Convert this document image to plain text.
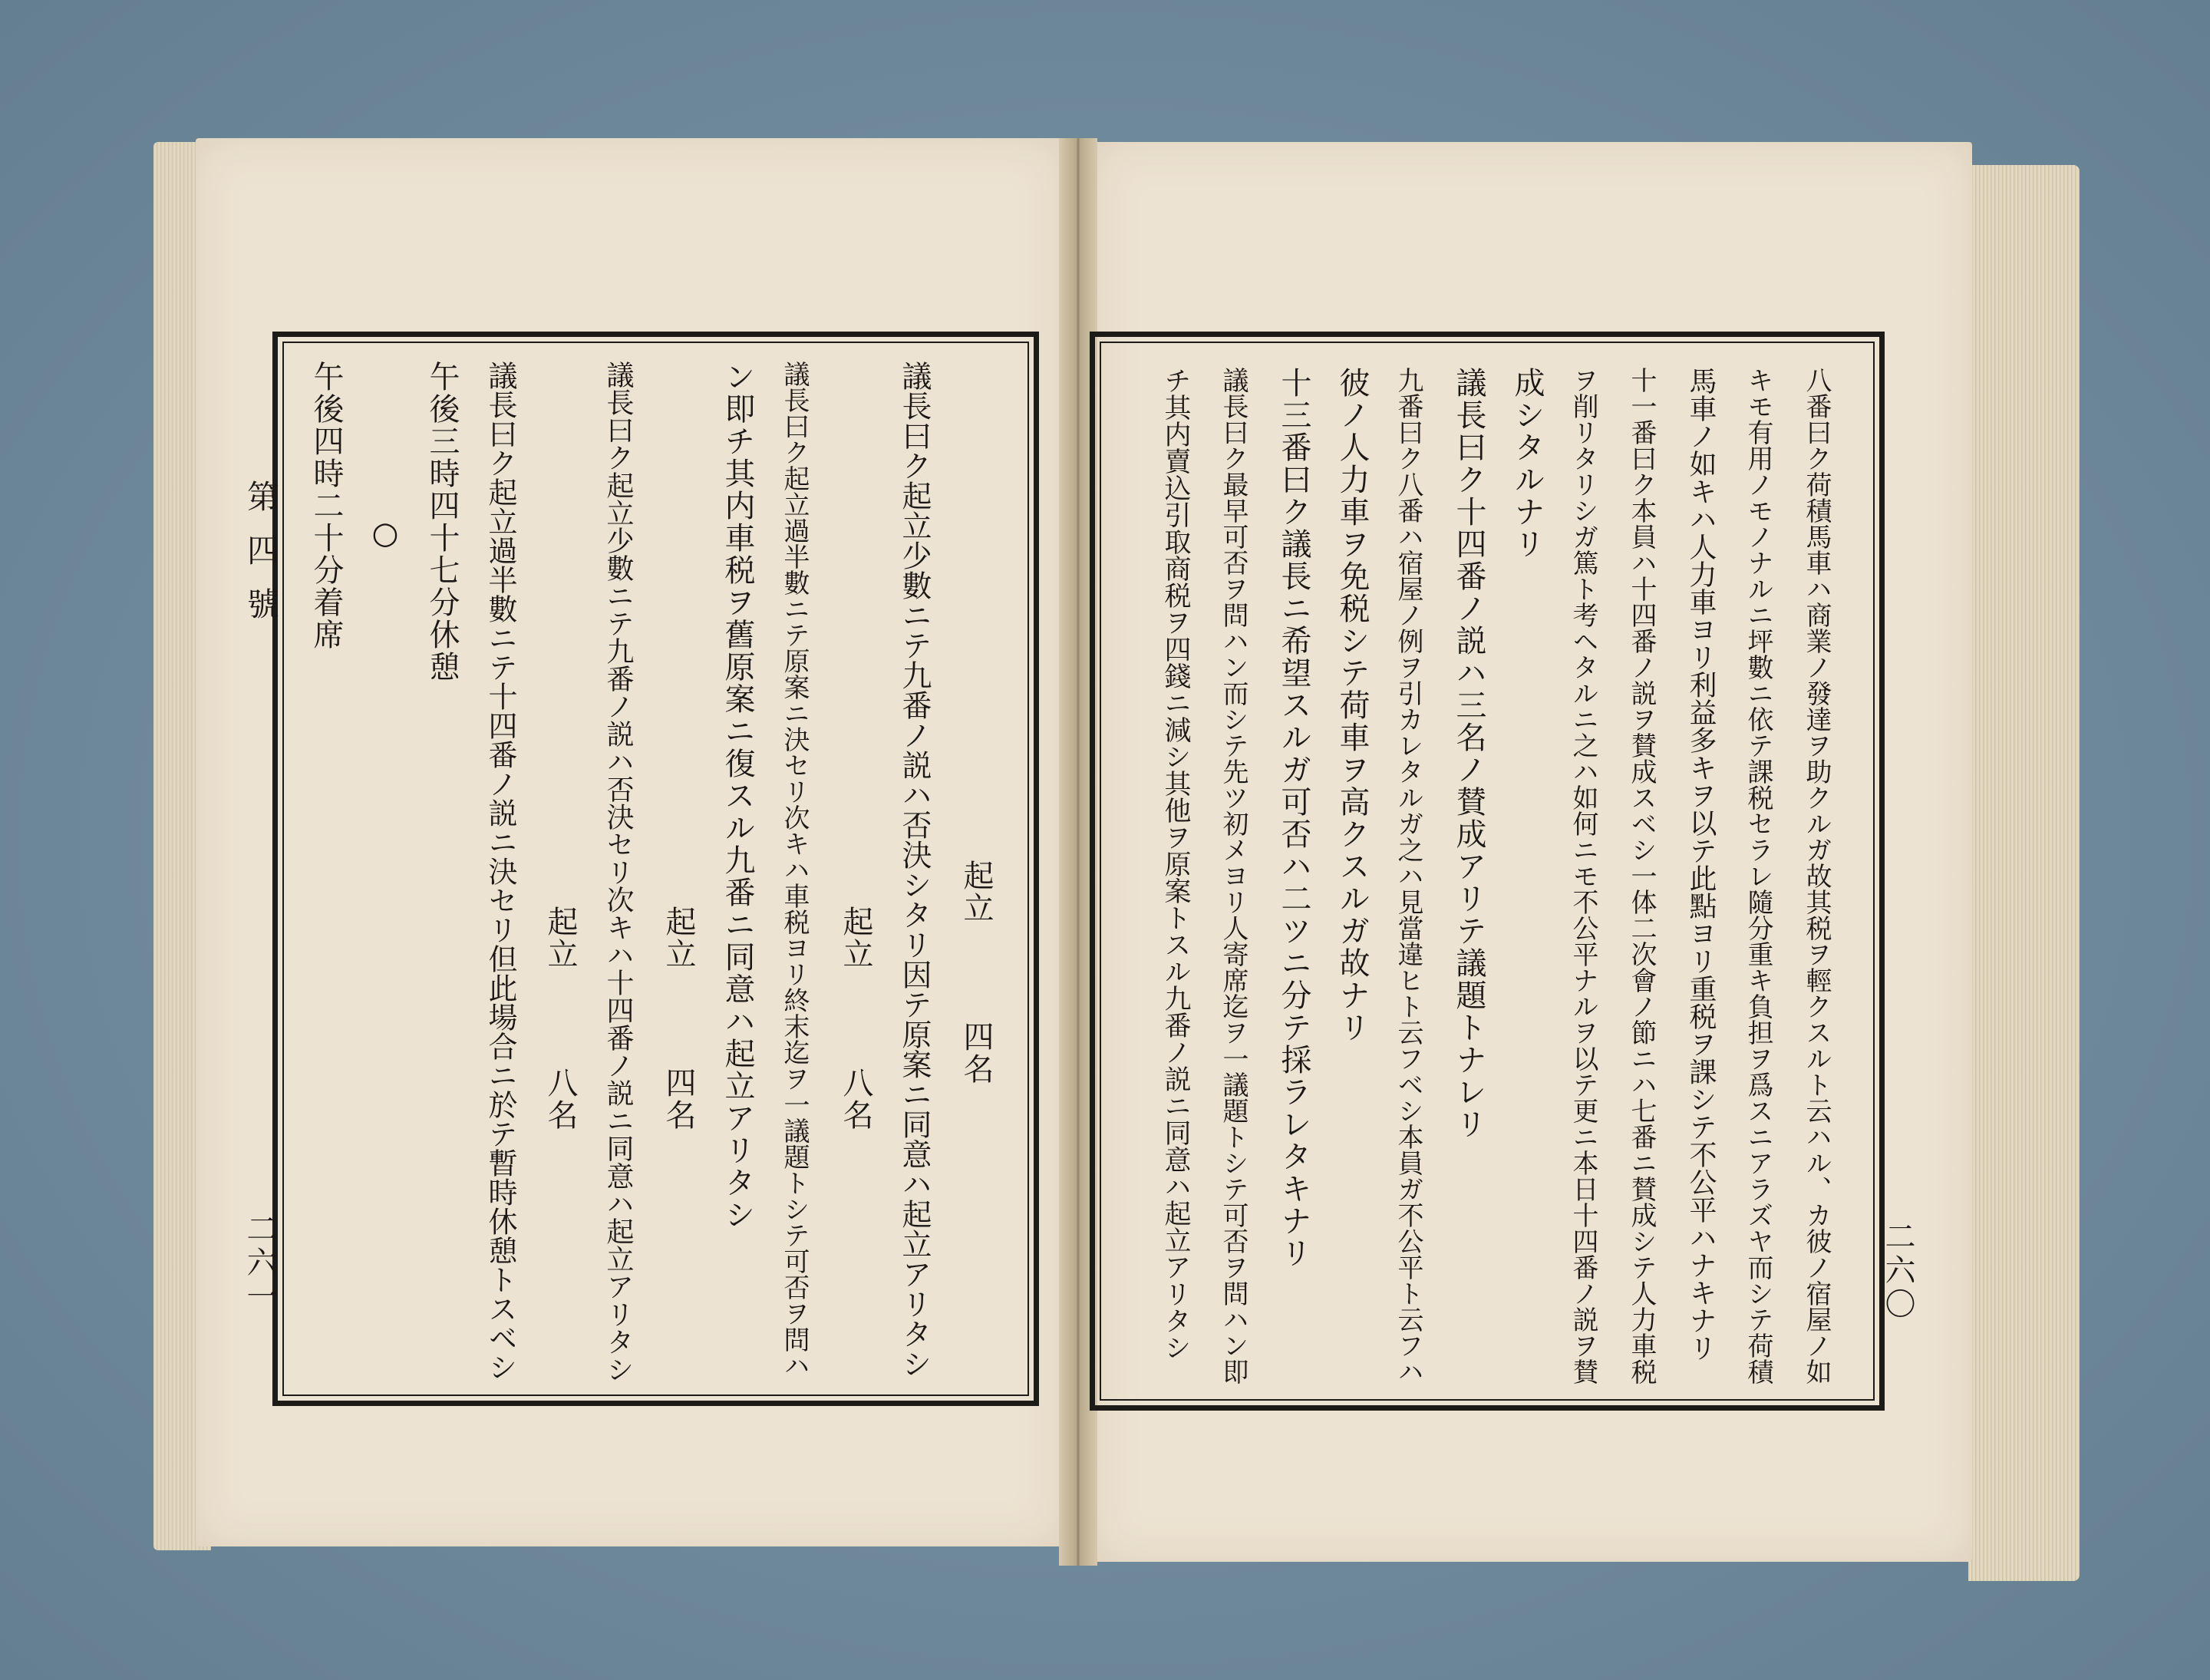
起立　　　四名
議長曰ク起立少數ニテ九番ノ説ハ否決シタリ因テ原案ニ同意ハ起立アリタシ
起立　　　八名
議長曰ク起立過半數ニテ原案ニ決セリ次キハ車税ヨリ終末迄ヲ一議題トシテ可否ヲ問ハ
ン即チ其内車税ヲ舊原案ニ復スル九番ニ同意ハ起立アリタシ
起立　　　四名
議長曰ク起立少數ニテ九番ノ説ハ否決セリ次キハ十四番ノ説ニ同意ハ起立アリタシ
起立　　　八名
議長曰ク起立過半數ニテ十四番ノ説ニ決セリ但此場合ニ於テ暫時休憩トスベシ
午後三時四十七分休憩
○
午後四時二十分着席
第四號
二六一	八番曰ク荷積馬車ハ商業ノ發達ヲ助クルガ故其税ヲ輕クスルト云ハル、カ彼ノ宿屋ノ如
キモ有用ノモノナルニ坪數ニ依テ課税セラレ隨分重キ負担ヲ爲スニアラズヤ而シテ荷積
馬車ノ如キハ人力車ヨリ利益多キヲ以テ此點ヨリ重税ヲ課シテ不公平ハナキナリ
十一番曰ク本員ハ十四番ノ説ヲ賛成スベシ一体二次會ノ節ニハ七番ニ賛成シテ人力車税
ヲ削リタリシガ篤ト考ヘタルニ之ハ如何ニモ不公平ナルヲ以テ更ニ本日十四番ノ説ヲ賛
成シタルナリ
議長曰ク十四番ノ説ハ三名ノ賛成アリテ議題トナレリ
九番曰ク八番ハ宿屋ノ例ヲ引カレタルガ之ハ見當違ヒト云フベシ本員ガ不公平ト云フハ
彼ノ人力車ヲ免税シテ荷車ヲ高クスルガ故ナリ
十三番曰ク議長ニ希望スルガ可否ハ二ツニ分テ採ラレタキナリ
議長曰ク最早可否ヲ問ハン而シテ先ツ初メヨリ人寄席迄ヲ一議題トシテ可否ヲ問ハン即
チ其内賣込引取商税ヲ四錢ニ減シ其他ヲ原案トスル九番ノ説ニ同意ハ起立アリタシ	二六〇
